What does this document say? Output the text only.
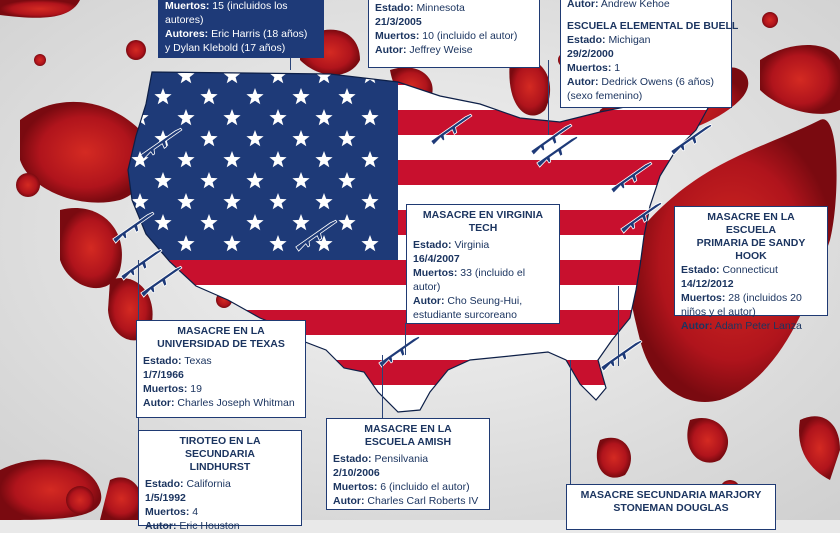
Muertos: 15 (incluidos los
autores)
Autores: Eric Harris (18 años)
y Dylan Klebold (17 años)
Estado: Minnesota
21/3/2005
Muertos: 10 (incluido el autor)
Autor: Jeffrey Weise
Autor: Andrew Kehoe
ESCUELA ELEMENTAL DE BUELL
Estado: Michigan
29/2/2000
Muertos: 1
Autor: Dedrick Owens (6 años)
(sexo femenino)
MASACRE EN VIRGINIA TECH
Estado: Virginia
16/4/2007
Muertos: 33 (incluido el
autor)
Autor: Cho Seung-Hui,
estudiante surcoreano
MASACRE EN LA ESCUELA
PRIMARIA DE SANDY HOOK
Estado: Connecticut
14/12/2012
Muertos: 28 (incluidos 20
niños y el autor)
Autor: Adam Peter Lanza
MASACRE EN LA
UNIVERSIDAD DE TEXAS
Estado: Texas
1/7/1966
Muertos: 19
Autor: Charles Joseph Whitman
TIROTEO EN LA SECUNDARIA
LINDHURST
Estado: California
1/5/1992
Muertos: 4
Autor: Eric Houston
MASACRE EN LA
ESCUELA AMISH
Estado: Pensilvania
2/10/2006
Muertos: 6 (incluido el autor)
Autor: Charles Carl Roberts IV	MASACRE SECUNDARIA MARJORY
STONEMAN DOUGLAS
